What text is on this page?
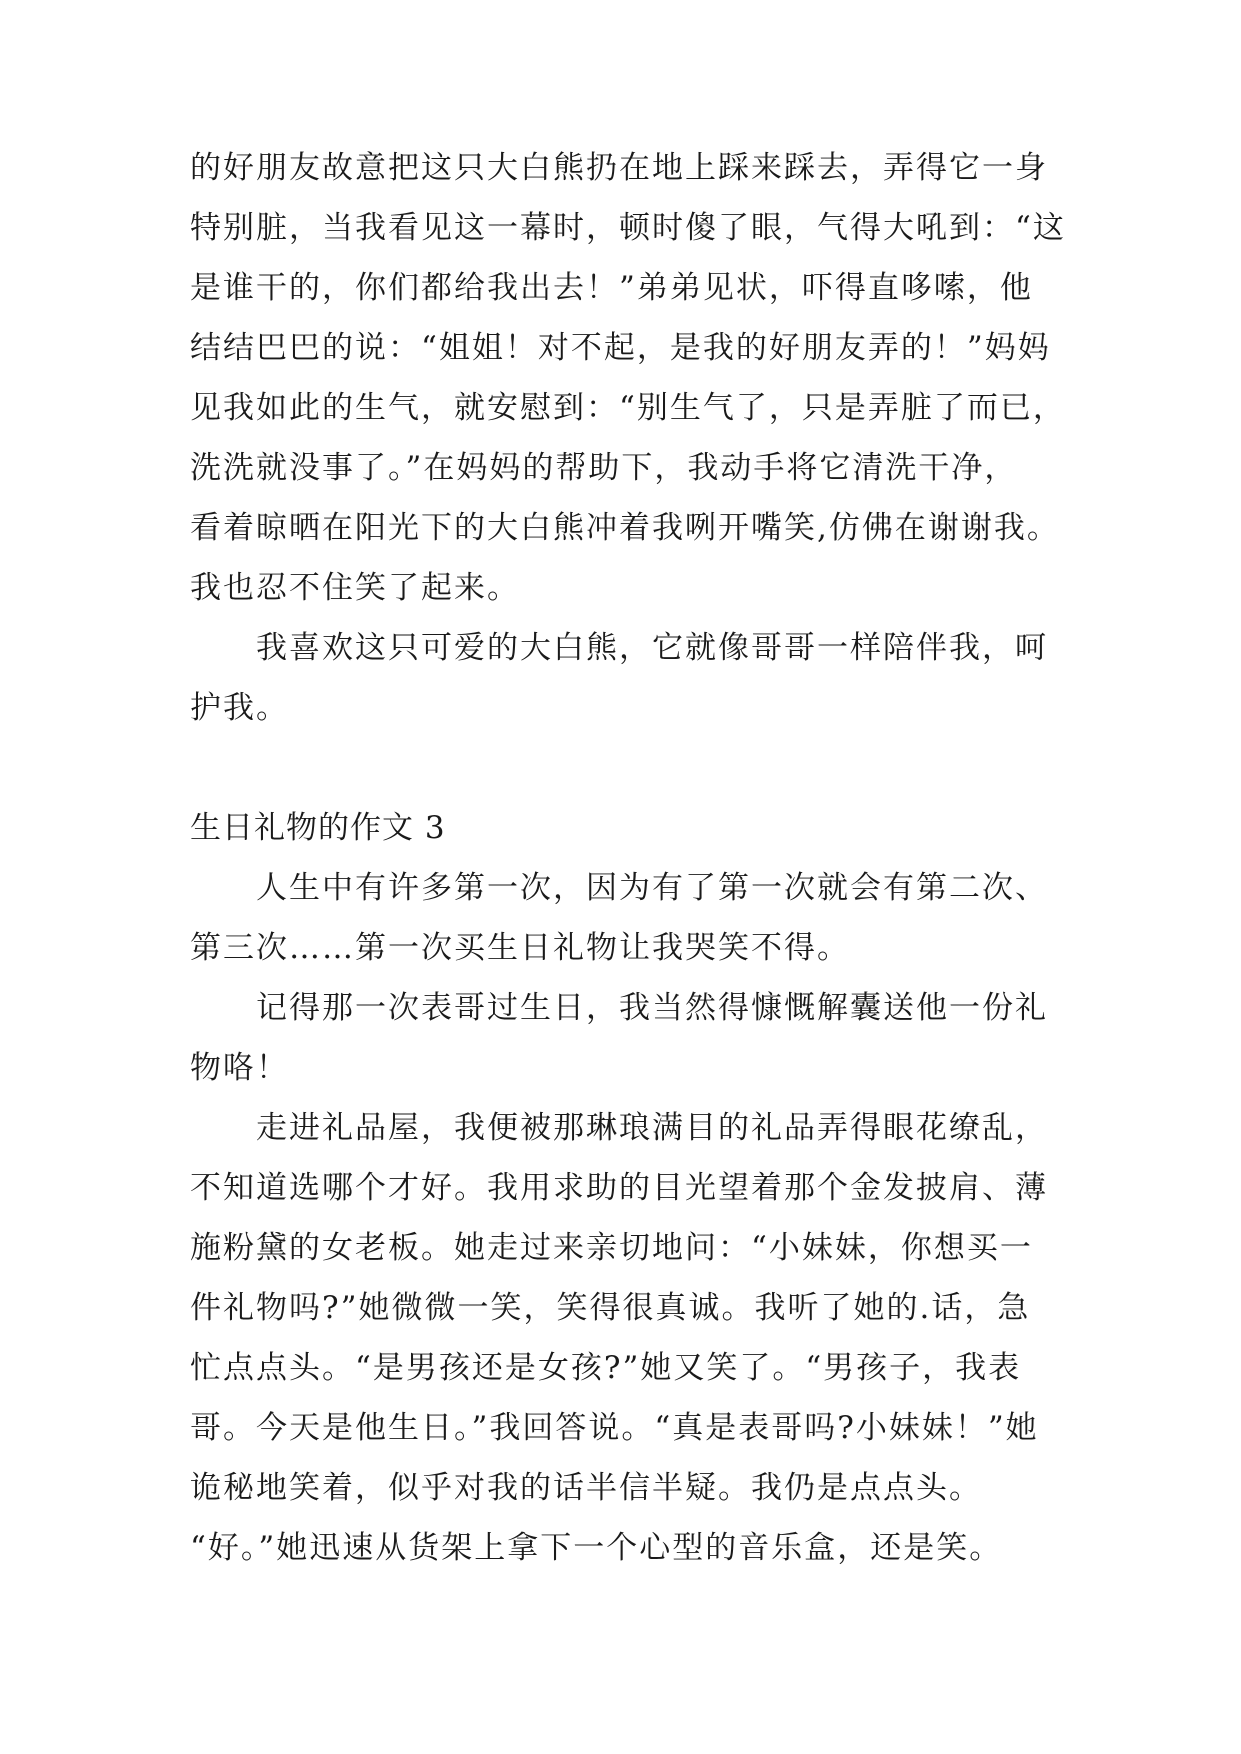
的好朋友故意把这只大白熊扔在地上踩来踩去，弄得它一身
特别脏，当我看见这一幕时，顿时傻了眼，气得大吼到：“这
是谁干的，你们都给我出去！”弟弟见状，吓得直哆嗦，他
结结巴巴的说：“姐姐！对不起，是我的好朋友弄的！”妈妈
见我如此的生气，就安慰到：“别生气了，只是弄脏了而已，
洗洗就没事了。”在妈妈的帮助下，我动手将它清洗干净，
看着晾晒在阳光下的大白熊冲着我咧开嘴笑,仿佛在谢谢我。
我也忍不住笑了起来。
我喜欢这只可爱的大白熊，它就像哥哥一样陪伴我，呵
护我。
生日礼物的作文 3
人生中有许多第一次，因为有了第一次就会有第二次、
第三次……第一次买生日礼物让我哭笑不得。
记得那一次表哥过生日，我当然得慷慨解囊送他一份礼
物咯！
走进礼品屋，我便被那琳琅满目的礼品弄得眼花缭乱，
不知道选哪个才好。我用求助的目光望着那个金发披肩、薄
施粉黛的女老板。她走过来亲切地问：“小妹妹，你想买一
件礼物吗?”她微微一笑，笑得很真诚。我听了她的.话，急
忙点点头。“是男孩还是女孩?”她又笑了。“男孩子，我表
哥。今天是他生日。”我回答说。“真是表哥吗?小妹妹！”她
诡秘地笑着，似乎对我的话半信半疑。我仍是点点头。
“好。”她迅速从货架上拿下一个心型的音乐盒，还是笑。
